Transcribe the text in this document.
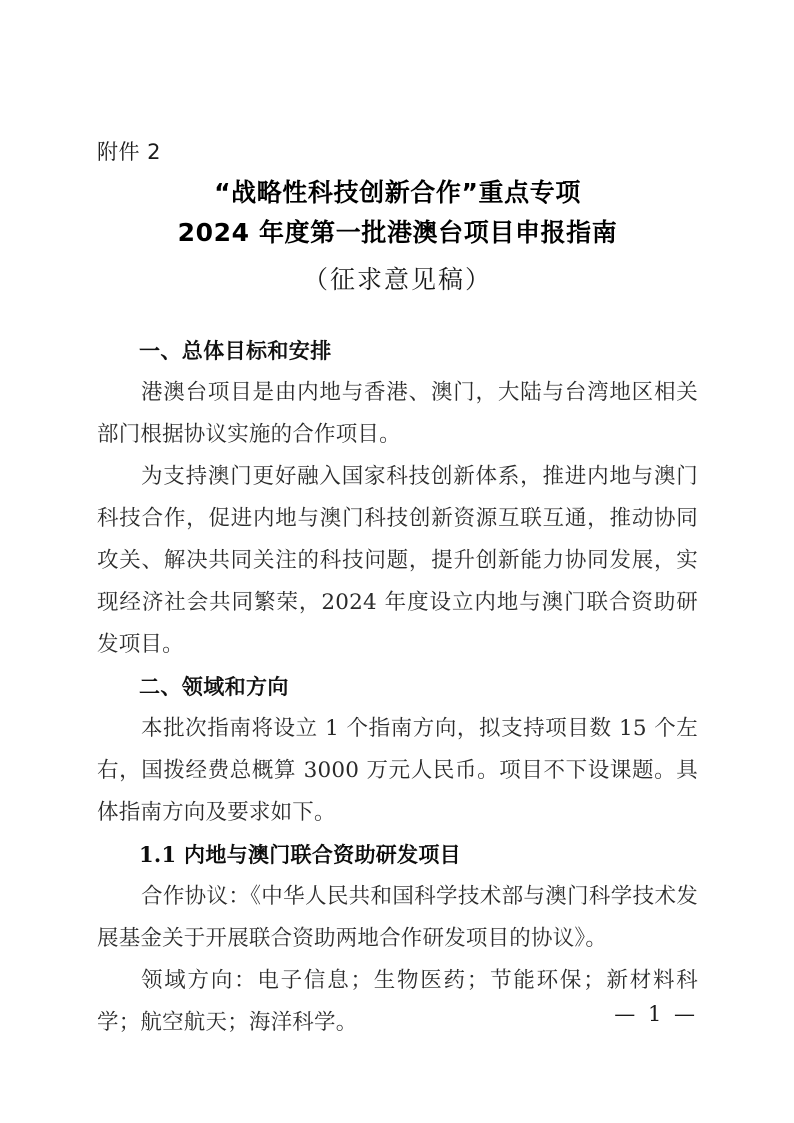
附件 2
“战略性科技创新合作”重点专项
2024 年度第一批港澳台项目申报指南
（征求意见稿）

一、总体目标和安排

港澳台项目是由内地与香港、澳门，大陆与台湾地区相关部门根据协议实施的合作项目。

为支持澳门更好融入国家科技创新体系，推进内地与澳门科技合作，促进内地与澳门科技创新资源互联互通，推动协同攻关、解决共同关注的科技问题，提升创新能力协同发展，实现经济社会共同繁荣，2024 年度设立内地与澳门联合资助研发项目。

二、领域和方向

本批次指南将设立 1 个指南方向，拟支持项目数 15 个左右，国拨经费总概算 3000 万元人民币。项目不下设课题。具体指南方向及要求如下。

1.1 内地与澳门联合资助研发项目

合作协议：《中华人民共和国科学技术部与澳门科学技术发展基金关于开展联合资助两地合作研发项目的协议》。

领域方向：电子信息；生物医药；节能环保；新材料科学；航空航天；海洋科学。	— 1 —
